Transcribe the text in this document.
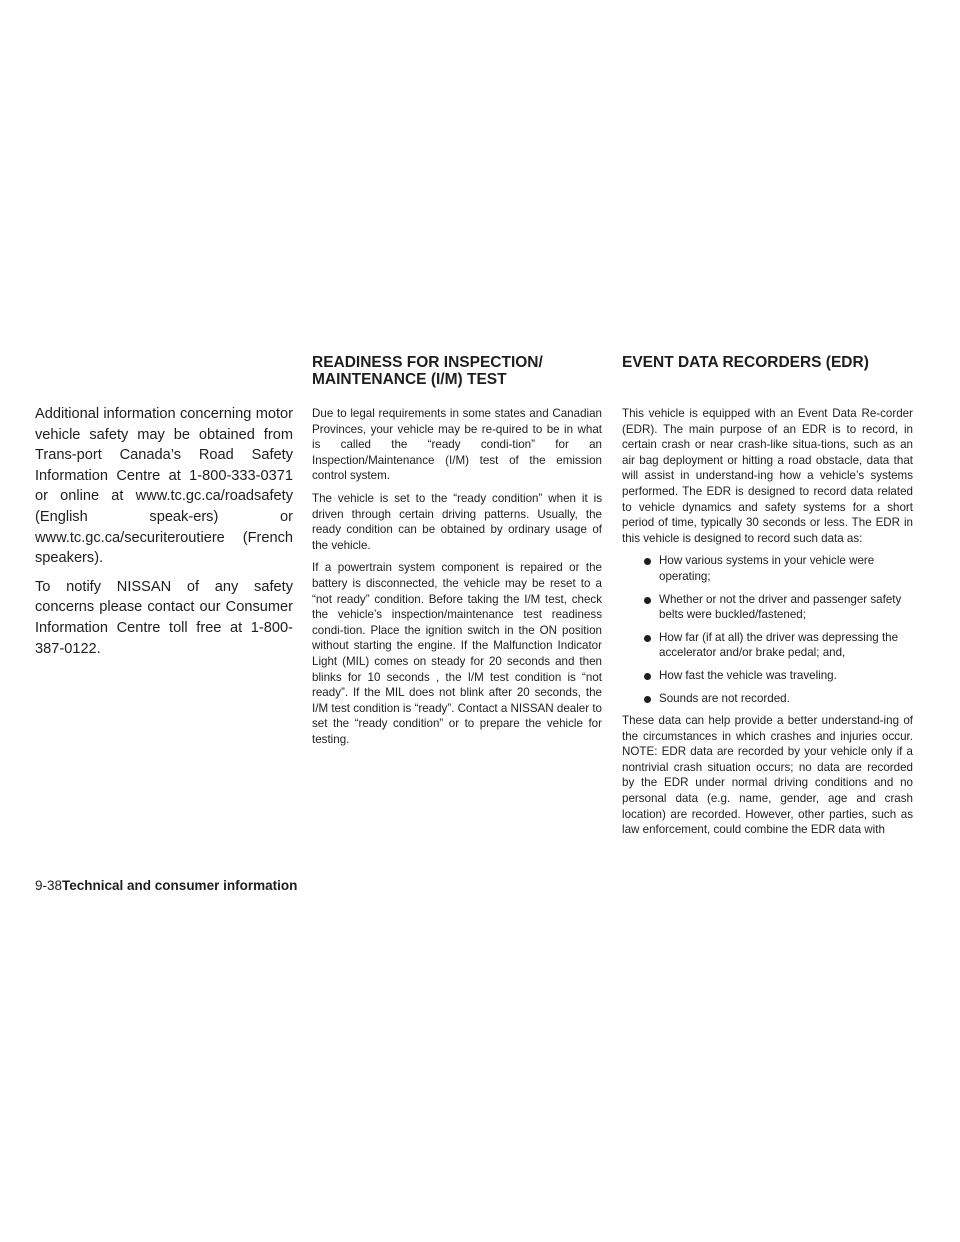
Additional information concerning motor vehicle safety may be obtained from Trans-port Canada’s Road Safety Information Centre at 1-800-333-0371 or online at www.tc.gc.ca/roadsafety (English speak-ers) or www.tc.gc.ca/securiteroutiere (French speakers).

To notify NISSAN of any safety concerns please contact our Consumer Information Centre toll free at 1-800-387-0122.

READINESS FOR INSPECTION/
MAINTENANCE (I/M) TEST

Due to legal requirements in some states and Canadian Provinces, your vehicle may be re-quired to be in what is called the “ready condi-tion” for an Inspection/Maintenance (I/M) test of the emission control system.

The vehicle is set to the “ready condition” when it is driven through certain driving patterns. Usually, the ready condition can be obtained by ordinary usage of the vehicle.

If a powertrain system component is repaired or the battery is disconnected, the vehicle may be reset to a “not ready” condition. Before taking the I/M test, check the vehicle’s inspection/maintenance test readiness condi-tion. Place the ignition switch in the ON position without starting the engine. If the Malfunction Indicator Light (MIL) comes on steady for 20 seconds and then blinks for 10 seconds , the I/M test condition is “not ready”. If the MIL does not blink after 20 seconds, the I/M test condition is “ready”. Contact a NISSAN dealer to set the “ready condition” or to prepare the vehicle for testing.

EVENT DATA RECORDERS (EDR)

This vehicle is equipped with an Event Data Re-corder (EDR). The main purpose of an EDR is to record, in certain crash or near crash-like situa-tions, such as an air bag deployment or hitting a road obstacle, data that will assist in understand-ing how a vehicle’s systems performed. The EDR is designed to record data related to vehicle dynamics and safety systems for a short period of time, typically 30 seconds or less. The EDR in this vehicle is designed to record such data as:

How various systems in your vehicle were operating;
Whether or not the driver and passenger safety belts were buckled/fastened;
How far (if at all) the driver was depressing the accelerator and/or brake pedal; and,
How fast the vehicle was traveling.
Sounds are not recorded.

These data can help provide a better understand-ing of the circumstances in which crashes and injuries occur. NOTE: EDR data are recorded by your vehicle only if a nontrivial crash situation occurs; no data are recorded by the EDR under normal driving conditions and no personal data (e.g. name, gender, age and crash location) are recorded. However, other parties, such as law enforcement, could combine the EDR data with

9-38Technical and consumer information
